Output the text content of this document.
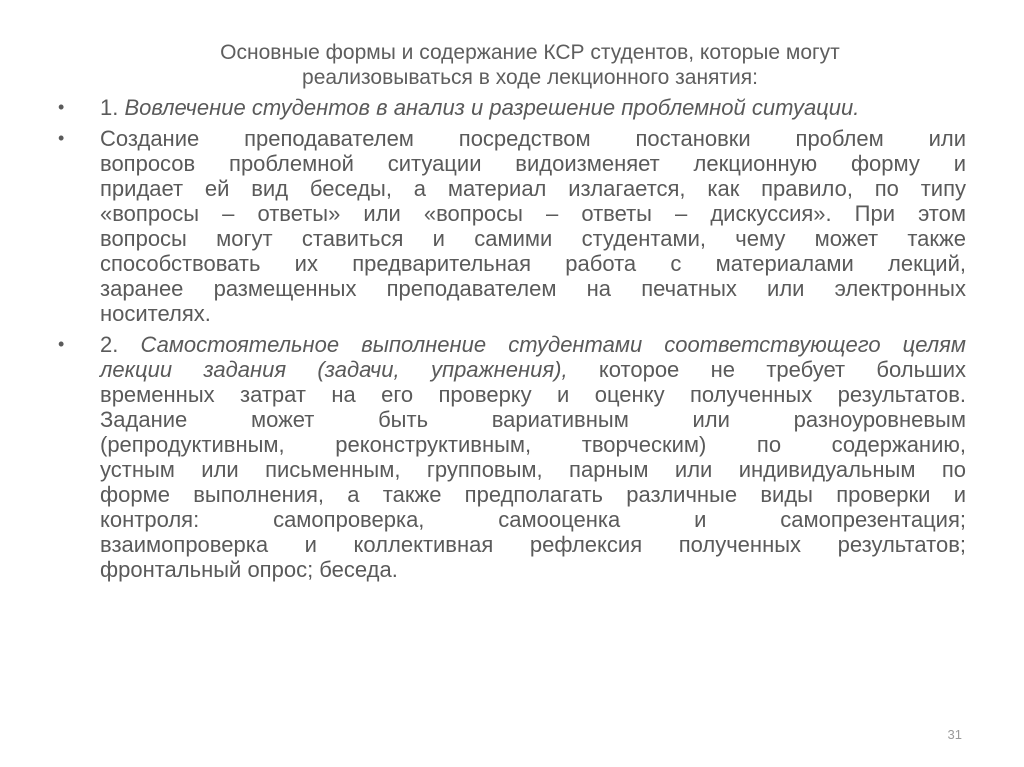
Основные формы и содержание КСР студентов, которые могут
реализовываться в ходе лекционного занятия:
• 1. Вовлечение студентов в анализ и разрешение проблемной ситуации.
• Создание преподавателем посредством постановки проблем или
вопросов проблемной ситуации видоизменяет лекционную форму и
придает ей вид беседы, а материал излагается, как правило, по типу
«вопросы – ответы» или «вопросы – ответы – дискуссия». При этом
вопросы могут ставиться и самими студентами, чему может также
способствовать их предварительная работа с материалами лекций,
заранее размещенных преподавателем на печатных или электронных
носителях.
• 2. Самостоятельное выполнение студентами соответствующего целям
лекции задания (задачи, упражнения), которое не требует больших
временных затрат на его проверку и оценку полученных результатов.
Задание может быть вариативным или разноуровневым
(репродуктивным, реконструктивным, творческим) по содержанию,
устным или письменным, групповым, парным или индивидуальным по
форме выполнения, а также предполагать различные виды проверки и
контроля: самопроверка, самооценка и самопрезентация;
взаимопроверка и коллективная рефлексия полученных результатов;
фронтальный опрос; беседа.
31
